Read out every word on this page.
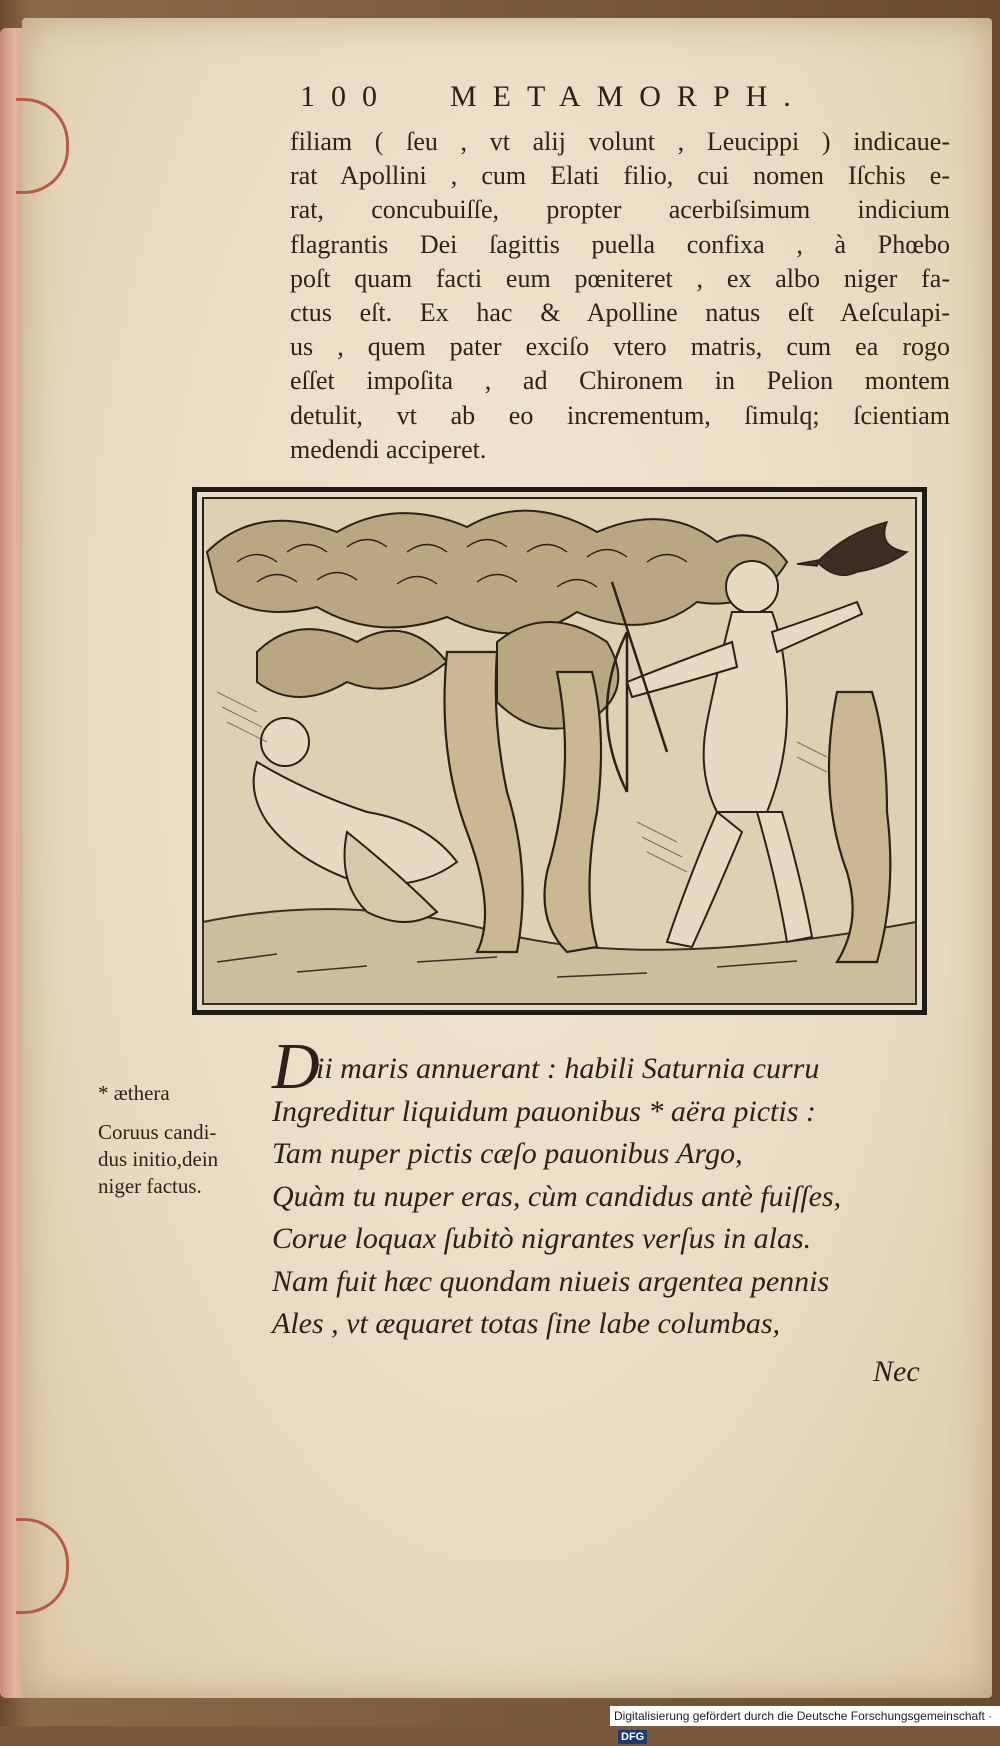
100 METAMORPH.
filiam ( ſeu , vt alij volunt , Leucippi ) indicaue-
rat Apollini , cum Elati filio, cui nomen Iſchis e-
rat, concubuiſſe, propter acerbiſsimum indicium
flagrantis Dei ſagittis puella confixa , à Phœbo
poſt quam facti eum pœniteret , ex albo niger fa-
ctus eſt. Ex hac & Apolline natus eſt Aeſculapi-
us , quem pater exciſo vtero matris, cum ea rogo
eſſet impoſita , ad Chironem in Pelion montem
detulit, vt ab eo incrementum, ſimulq; ſcientiam
medendi acciperet.
* æthera
Coruus candi-
dus initio,dein
niger factus.
D
ii maris annuerant : habili Saturnia curru
Ingreditur liquidum pauonibus * aëra pictis :
Tam nuper pictis cæſo pauonibus Argo,
Quàm tu nuper eras, cùm candidus antè fuiſſes,
Corue loquax ſubitò nigrantes verſus in alas.
Nam fuit hæc quondam niueis argentea pennis
Ales , vt æquaret totas ſine labe columbas,
Nec
Digitalisierung gefördert durch die Deutsche Forschungsgemeinschaft ·DFG
